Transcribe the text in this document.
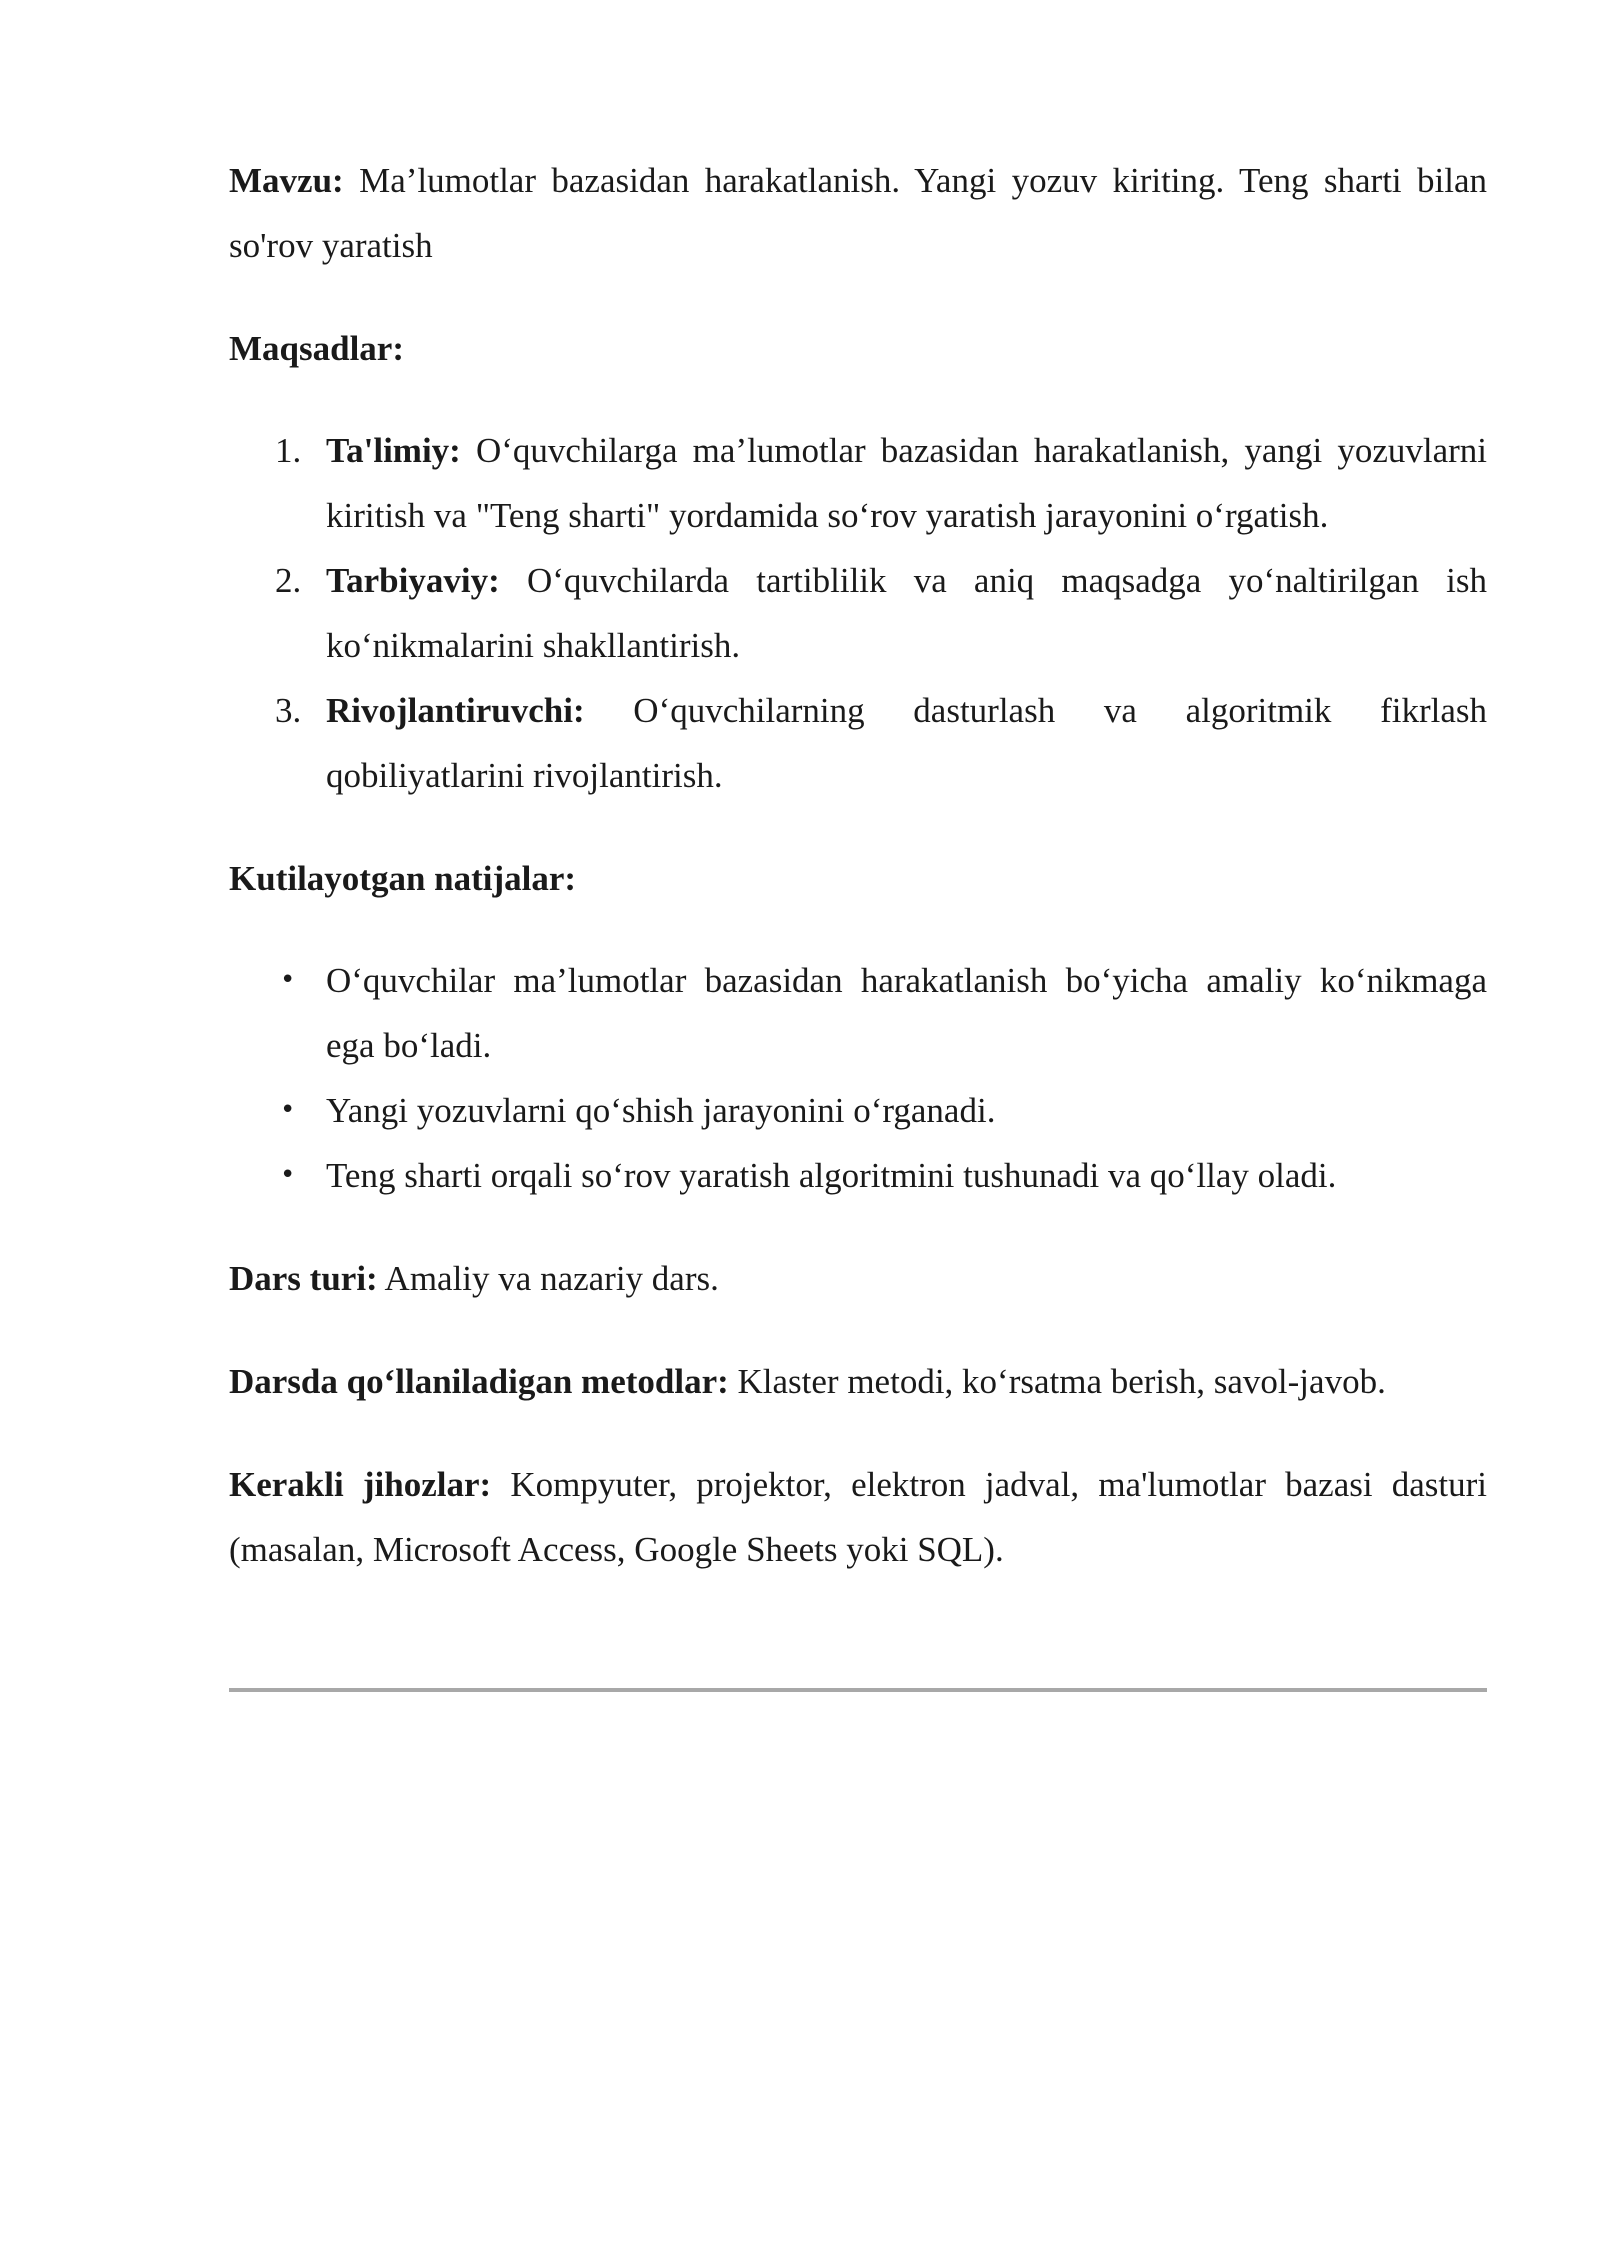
Mavzu: Ma’lumotlar bazasidan harakatlanish. Yangi yozuv kiriting. Teng sharti bilan so'rov yaratish

Maqsadlar:

1. Ta'limiy: O‘quvchilarga ma’lumotlar bazasidan harakatlanish, yangi yozuvlarni kiritish va "Teng sharti" yordamida so‘rov yaratish jarayonini o‘rgatish.
2. Tarbiyaviy: O‘quvchilarda tartiblilik va aniq maqsadga yo‘naltirilgan ish ko‘nikmalarini shakllantirish.
3. Rivojlantiruvchi: O‘quvchilarning dasturlash va algoritmik fikrlash qobiliyatlarini rivojlantirish.

Kutilayotgan natijalar:

• O‘quvchilar ma’lumotlar bazasidan harakatlanish bo‘yicha amaliy ko‘nikmaga ega bo‘ladi.
• Yangi yozuvlarni qo‘shish jarayonini o‘rganadi.
• Teng sharti orqali so‘rov yaratish algoritmini tushunadi va qo‘llay oladi.

Dars turi: Amaliy va nazariy dars.

Darsda qo‘llaniladigan metodlar: Klaster metodi, ko‘rsatma berish, savol-javob.

Kerakli jihozlar: Kompyuter, projektor, elektron jadval, ma'lumotlar bazasi dasturi (masalan, Microsoft Access, Google Sheets yoki SQL).
